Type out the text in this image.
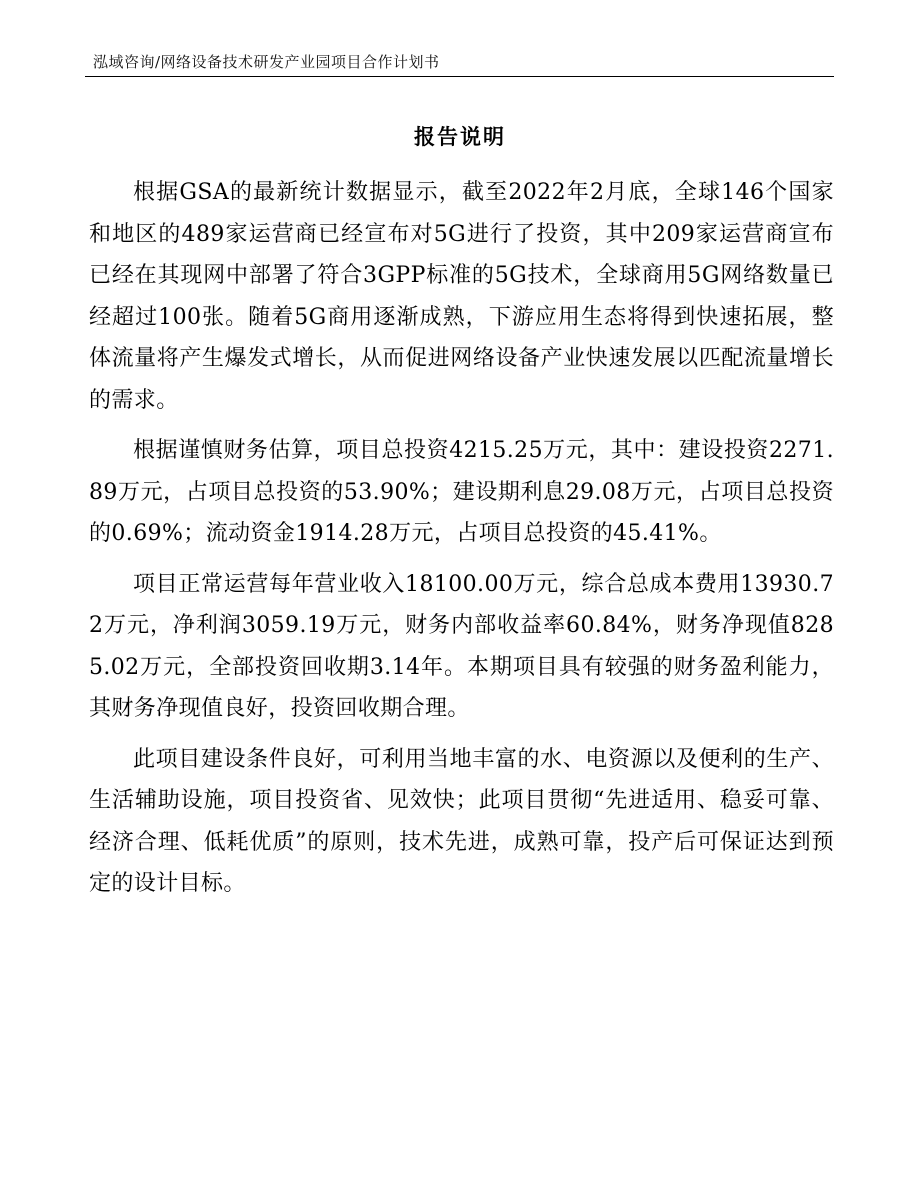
泓域咨询/网络设备技术研发产业园项目合作计划书
报告说明

根据GSA的最新统计数据显示，截至2022年2月底，全球146个国家和地区的489家运营商已经宣布对5G进行了投资，其中209家运营商宣布已经在其现网中部署了符合3GPP标准的5G技术，全球商用5G网络数量已经超过100张。随着5G商用逐渐成熟，下游应用生态将得到快速拓展，整体流量将产生爆发式增长，从而促进网络设备产业快速发展以匹配流量增长的需求。

根据谨慎财务估算，项目总投资4215.25万元，其中：建设投资2271.89万元，占项目总投资的53.90%；建设期利息29.08万元，占项目总投资的0.69%；流动资金1914.28万元，占项目总投资的45.41%。

项目正常运营每年营业收入18100.00万元，综合总成本费用13930.72万元，净利润3059.19万元，财务内部收益率60.84%，财务净现值8285.02万元，全部投资回收期3.14年。本期项目具有较强的财务盈利能力，其财务净现值良好，投资回收期合理。

此项目建设条件良好，可利用当地丰富的水、电资源以及便利的生产、生活辅助设施，项目投资省、见效快；此项目贯彻“先进适用、稳妥可靠、经济合理、低耗优质”的原则，技术先进，成熟可靠，投产后可保证达到预定的设计目标。
